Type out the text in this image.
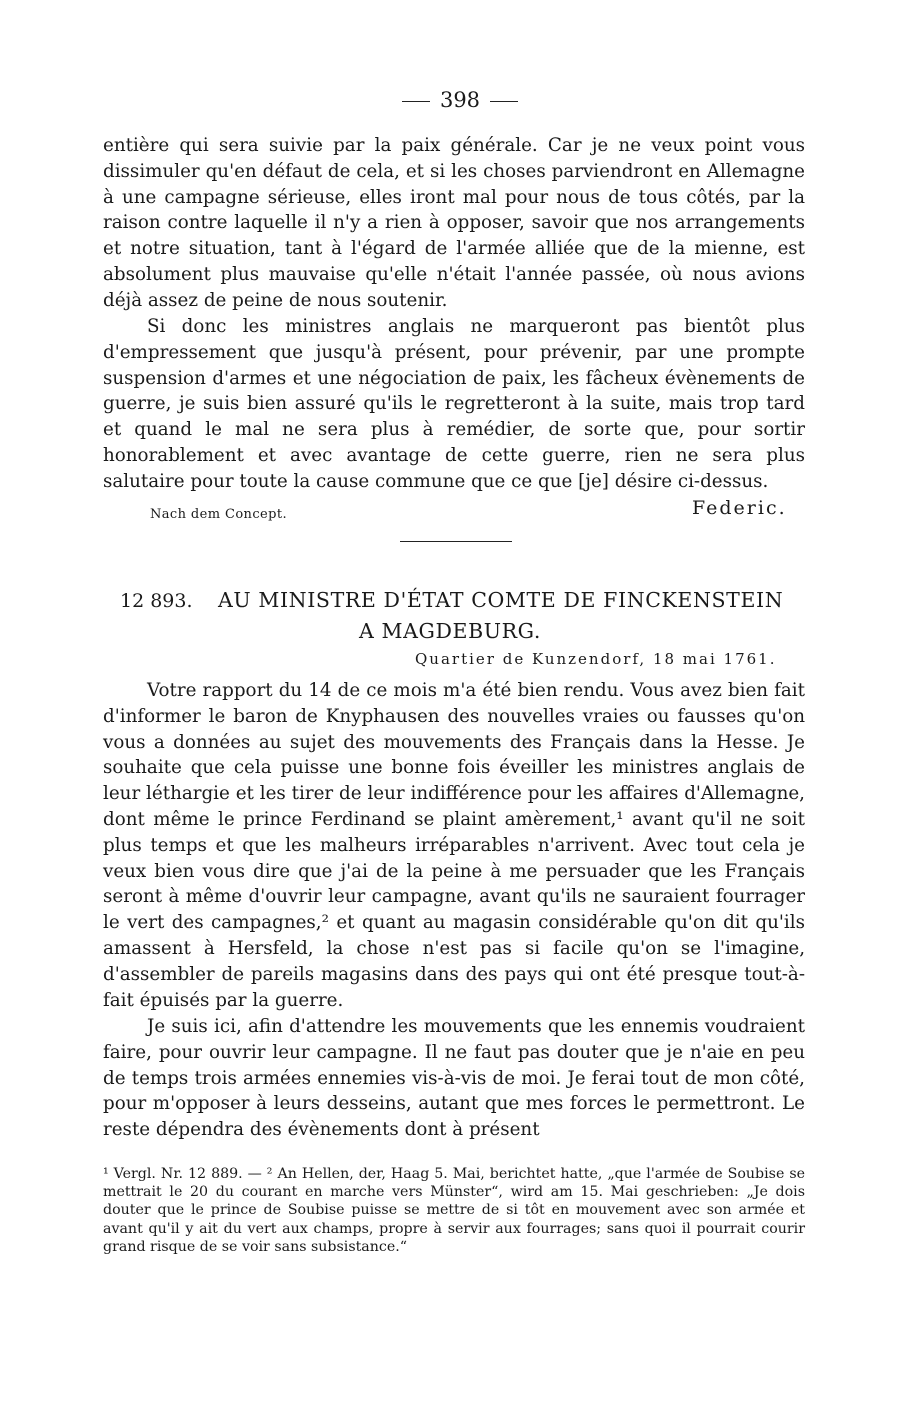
398
entière qui sera suivie par la paix générale. Car je ne veux point vous dissimuler qu'en défaut de cela, et si les choses parviendront en Allemagne à une campagne sérieuse, elles iront mal pour nous de tous côtés, par la raison contre laquelle il n'y a rien à opposer, savoir que nos arrangements et notre situation, tant à l'égard de l'armée alliée que de la mienne, est absolument plus mauvaise qu'elle n'était l'année passée, où nous avions déjà assez de peine de nous soutenir.
Si donc les ministres anglais ne marqueront pas bientôt plus d'empressement que jusqu'à présent, pour prévenir, par une prompte suspension d'armes et une négociation de paix, les fâcheux évènements de guerre, je suis bien assuré qu'ils le regretteront à la suite, mais trop tard et quand le mal ne sera plus à remédier, de sorte que, pour sortir honorablement et avec avantage de cette guerre, rien ne sera plus salutaire pour toute la cause commune que ce que [je] désire ci-dessus.
Nach dem Concept.	Federic.
12 893. AU MINISTRE D'ÉTAT COMTE DE FINCKENSTEIN
A MAGDEBURG.
Quartier de Kunzendorf, 18 mai 1761.
Votre rapport du 14 de ce mois m'a été bien rendu. Vous avez bien fait d'informer le baron de Knyphausen des nouvelles vraies ou fausses qu'on vous a données au sujet des mouvements des Français dans la Hesse. Je souhaite que cela puisse une bonne fois éveiller les ministres anglais de leur léthargie et les tirer de leur indifférence pour les affaires d'Allemagne, dont même le prince Ferdinand se plaint amèrement,¹ avant qu'il ne soit plus temps et que les malheurs irréparables n'arrivent. Avec tout cela je veux bien vous dire que j'ai de la peine à me persuader que les Français seront à même d'ouvrir leur campagne, avant qu'ils ne sauraient fourrager le vert des campagnes,² et quant au magasin considérable qu'on dit qu'ils amassent à Hersfeld, la chose n'est pas si facile qu'on se l'imagine, d'assembler de pareils magasins dans des pays qui ont été presque tout-à-fait épuisés par la guerre.
Je suis ici, afin d'attendre les mouvements que les ennemis voudraient faire, pour ouvrir leur campagne. Il ne faut pas douter que je n'aie en peu de temps trois armées ennemies vis-à-vis de moi. Je ferai tout de mon côté, pour m'opposer à leurs desseins, autant que mes forces le permettront. Le reste dépendra des évènements dont à présent
¹ Vergl. Nr. 12 889. — ² An Hellen, der, Haag 5. Mai, berichtet hatte, „que l'armée de Soubise se mettrait le 20 du courant en marche vers Münster“, wird am 15. Mai geschrieben: „Je dois douter que le prince de Soubise puisse se mettre de si tôt en mouvement avec son armée et avant qu'il y ait du vert aux champs, propre à servir aux fourrages; sans quoi il pourrait courir grand risque de se voir sans subsistance.“
